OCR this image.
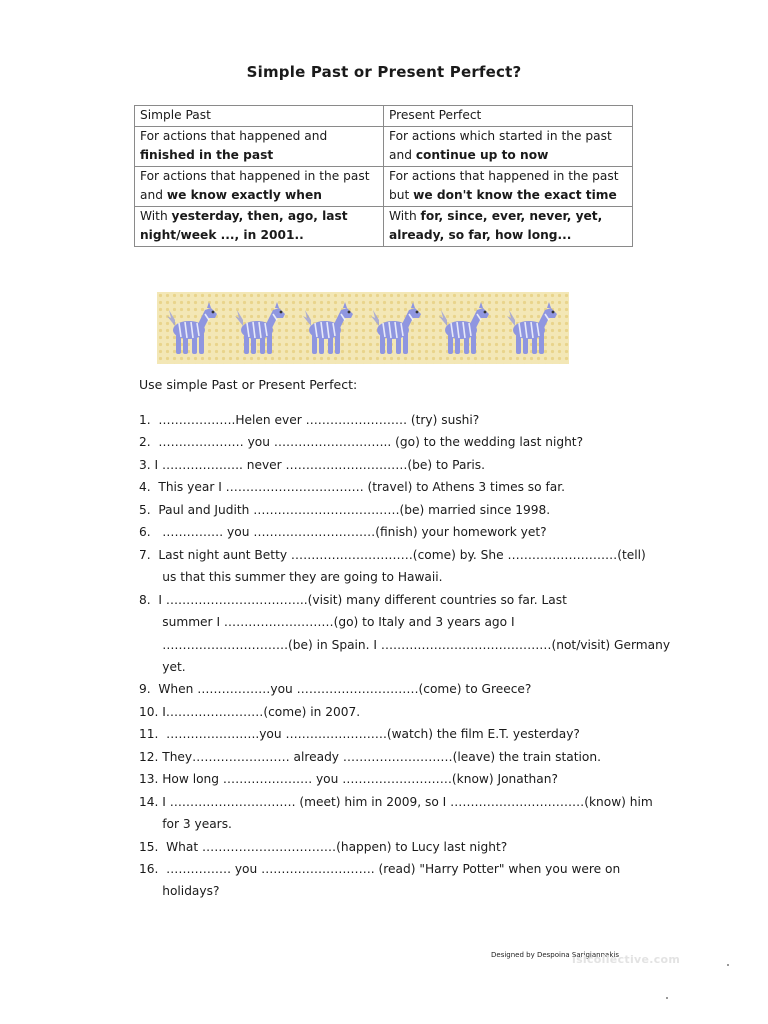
Simple Past or Present Perfect?
Simple Past	Present Perfect
For actions that happened and finished in the past	For actions which started in the past and continue up to now
For actions that happened in the past and we know exactly when	For actions that happened in the past but we don't know the exact time
With yesterday, then, ago, last night/week ..., in 2001..	With for, since, ever, never, yet, already, so far, how long...
Use simple Past or Present Perfect:
1.  ……………….Helen ever ……………………. (try) sushi?
2.  ………………… you ……………………….. (go) to the wedding last night?
3. I ……………….. never …………………………(be) to Paris.
4.  This year I ……………………………. (travel) to Athens 3 times so far.
5.  Paul and Judith ………………………………(be) married since 1998.
6.   …………… you …………………………(finish) your homework yet?
7.  Last night aunt Betty …………………………(come) by. She ………………………(tell)
us that this summer they are going to Hawaii.
8.  I ……………………………..(visit) many different countries so far. Last
summer I ………………………(go) to Italy and 3 years ago I
………………………….(be) in Spain. I ……………………………………(not/visit) Germany
yet.
9.  When ………………you …………………………(come) to Greece?
10. I……………………(come) in 2007.
11.  …………………..you …………………….(watch) the film E.T. yesterday?
12. They…………………… already ………………………(leave) the train station.
13. How long …………………. you ………………………(know) Jonathan?
14. I …………………………. (meet) him in 2009, so I ……………………………(know) him
for 3 years.
15.  What ……………………………(happen) to Lucy last night?
16.  ……………. you ………………………. (read) "Harry Potter" when you were on
holidays?
Designed by Despoina Sarigiannakis
islcollective.com
